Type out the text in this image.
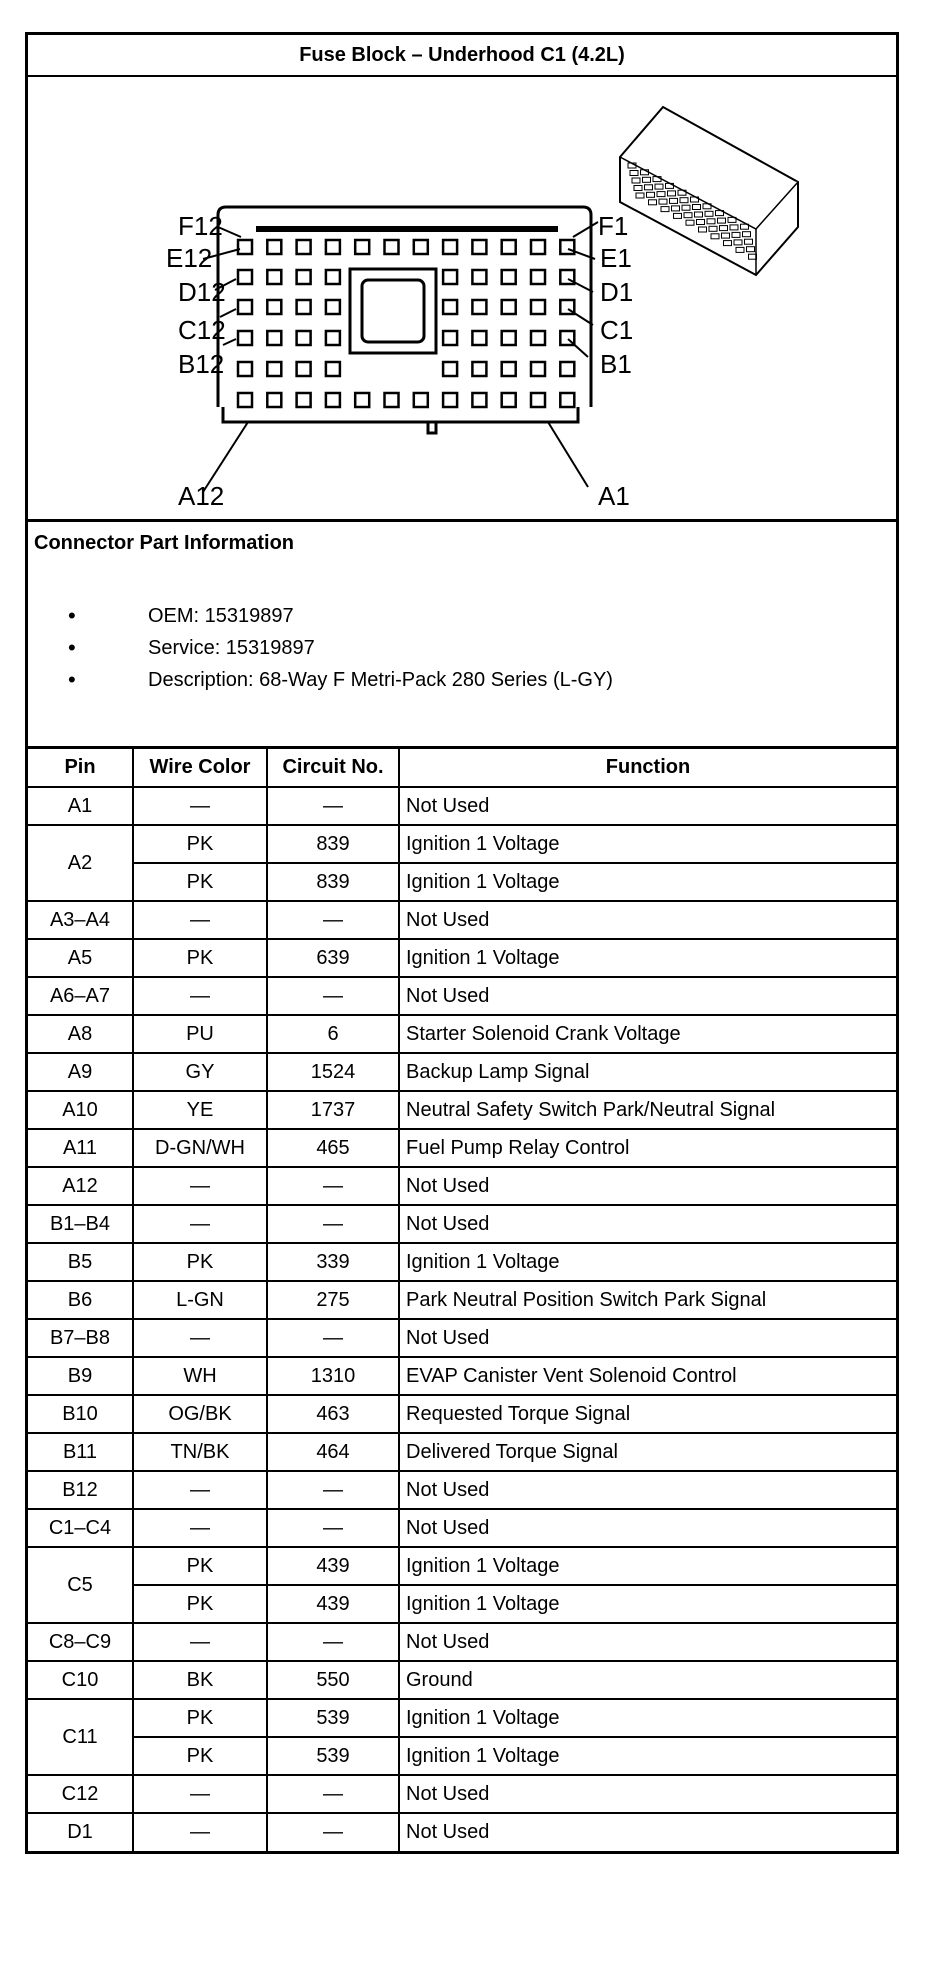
Fuse Block – Underhood C1 (4.2L)
F12
E12
D12
C12
B12
A12
F1
E1
D1
C1
B1
A1
Connector Part Information
•	OEM: 15319897
•	Service: 15319897
•	Description: 68-Way F Metri-Pack 280 Series (L-GY)
Pin	Wire Color	Circuit No.	Function
A1	—	—	Not Used
A2	PK	839	Ignition 1 Voltage
	PK	839	Ignition 1 Voltage
A3–A4	—	—	Not Used
A5	PK	639	Ignition 1 Voltage
A6–A7	—	—	Not Used
A8	PU	6	Starter Solenoid Crank Voltage
A9	GY	1524	Backup Lamp Signal
A10	YE	1737	Neutral Safety Switch Park/Neutral Signal
A11	D-GN/WH	465	Fuel Pump Relay Control
A12	—	—	Not Used
B1–B4	—	—	Not Used
B5	PK	339	Ignition 1 Voltage
B6	L-GN	275	Park Neutral Position Switch Park Signal
B7–B8	—	—	Not Used
B9	WH	1310	EVAP Canister Vent Solenoid Control
B10	OG/BK	463	Requested Torque Signal
B11	TN/BK	464	Delivered Torque Signal
B12	—	—	Not Used
C1–C4	—	—	Not Used
C5	PK	439	Ignition 1 Voltage
	PK	439	Ignition 1 Voltage
C8–C9	—	—	Not Used
C10	BK	550	Ground
C11	PK	539	Ignition 1 Voltage
	PK	539	Ignition 1 Voltage
C12	—	—	Not Used
D1	—	—	Not Used
